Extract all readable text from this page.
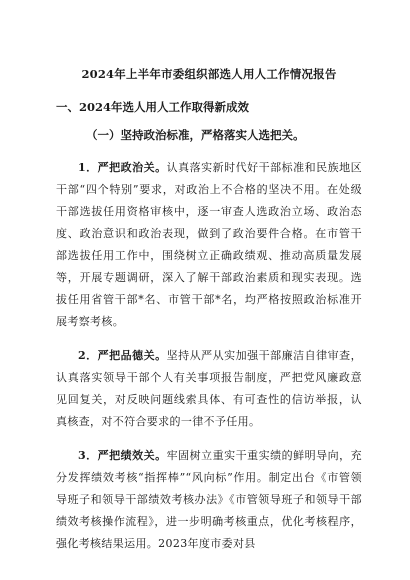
2024年上半年市委组织部选人用人工作情况报告
一、2024年选人用人工作取得新成效
（一）坚持政治标准，严格落实人选把关。

1．严把政治关。认真落实新时代好干部标准和民族地区干部“四个特别”要求，对政治上不合格的坚决不用。在处级干部选拔任用资格审核中，逐一审查人选政治立场、政治态度、政治意识和政治表现，做到了政治要件合格。在市管干部选拔任用工作中，围绕树立正确政绩观、推动高质量发展等，开展专题调研，深入了解干部政治素质和现实表现。选拔任用省管干部*名、市管干部*名，均严格按照政治标准开展考察考核。

2．严把品德关。坚持从严从实加强干部廉洁自律审查，认真落实领导干部个人有关事项报告制度，严把党风廉政意见回复关，对反映问题线索具体、有可查性的信访举报，认真核查，对不符合要求的一律不予任用。

3．严把绩效关。牢固树立重实干重实绩的鲜明导向，充分发挥绩效考核“指挥棒”“风向标”作用。制定出台《市管领导班子和领导干部绩效考核办法》《市管领导班子和领导干部绩效考核操作流程》，进一步明确考核重点，优化考核程序，强化考核结果运用。2023年度市委对县
